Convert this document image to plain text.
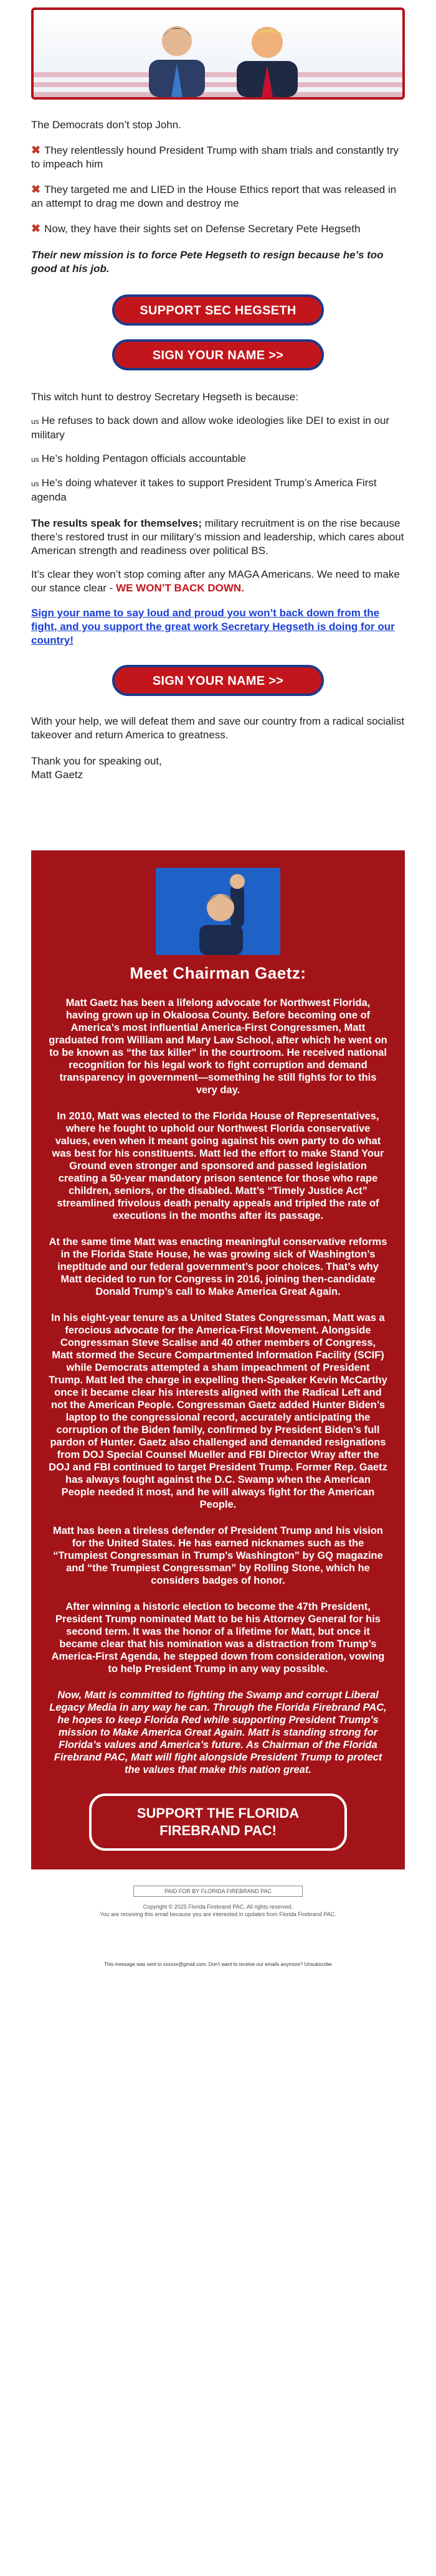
The Democrats don’t stop John.

✖ They relentlessly hound President Trump with sham trials and constantly try to impeach him
✖ They targeted me and LIED in the House Ethics report that was released in an attempt to drag me down and destroy me
✖ Now, they have their sights set on Defense Secretary Pete Hegseth

Their new mission is to force Pete Hegseth to resign because he’s too good at his job.

SUPPORT SEC HEGSETH
SIGN YOUR NAME >>

This witch hunt to destroy Secretary Hegseth is because:

us He refuses to back down and allow woke ideologies like DEI to exist in our military

us He’s holding Pentagon officials accountable

us He’s doing whatever it takes to support President Trump’s America First agenda

The results speak for themselves; military recruitment is on the rise because there’s restored trust in our military’s mission and leadership, which cares about American strength and readiness over political BS.

It’s clear they won’t stop coming after any MAGA Americans. We need to make our stance clear - WE WON’T BACK DOWN.

Sign your name to say loud and proud you won’t back down from the fight, and you support the great work Secretary Hegseth is doing for our country!

SIGN YOUR NAME >>

With your help, we will defeat them and save our country from a radical socialist takeover and return America to greatness.

Thank you for speaking out,
Matt Gaetz

Meet Chairman Gaetz:

Matt Gaetz has been a lifelong advocate for Northwest Florida, having grown up in Okaloosa County. Before becoming one of America’s most influential America-First Congressmen, Matt graduated from William and Mary Law School, after which he went on to be known as “the tax killer” in the courtroom. He received national recognition for his legal work to fight corruption and demand transparency in government—something he still fights for to this very day.

In 2010, Matt was elected to the Florida House of Representatives, where he fought to uphold our Northwest Florida conservative values, even when it meant going against his own party to do what was best for his constituents. Matt led the effort to make Stand Your Ground even stronger and sponsored and passed legislation creating a 50-year mandatory prison sentence for those who rape children, seniors, or the disabled. Matt’s “Timely Justice Act” streamlined frivolous death penalty appeals and tripled the rate of executions in the months after its passage.

At the same time Matt was enacting meaningful conservative reforms in the Florida State House, he was growing sick of Washington’s ineptitude and our federal government’s poor choices. That’s why Matt decided to run for Congress in 2016, joining then-candidate Donald Trump’s call to Make America Great Again.

In his eight-year tenure as a United States Congressman, Matt was a ferocious advocate for the America-First Movement. Alongside Congressman Steve Scalise and 40 other members of Congress, Matt stormed the Secure Compartmented Information Facility (SCIF) while Democrats attempted a sham impeachment of President Trump. Matt led the charge in expelling then-Speaker Kevin McCarthy once it became clear his interests aligned with the Radical Left and not the American People. Congressman Gaetz added Hunter Biden’s laptop to the congressional record, accurately anticipating the corruption of the Biden family, confirmed by President Biden’s full pardon of Hunter. Gaetz also challenged and demanded resignations from DOJ Special Counsel Mueller and FBI Director Wray after the DOJ and FBI continued to target President Trump. Former Rep. Gaetz has always fought against the D.C. Swamp when the American People needed it most, and he will always fight for the American People.

Matt has been a tireless defender of President Trump and his vision for the United States. He has earned nicknames such as the “Trumpiest Congressman in Trump’s Washington” by GQ magazine and “the Trumpiest Congressman” by Rolling Stone, which he considers badges of honor.

After winning a historic election to become the 47th President, President Trump nominated Matt to be his Attorney General for his second term. It was the honor of a lifetime for Matt, but once it became clear that his nomination was a distraction from Trump’s America-First Agenda, he stepped down from consideration, vowing to help President Trump in any way possible.

Now, Matt is committed to fighting the Swamp and corrupt Liberal Legacy Media in any way he can. Through the Florida Firebrand PAC, he hopes to keep Florida Red while supporting President Trump’s mission to Make America Great Again. Matt is standing strong for Florida’s values and America’s future. As Chairman of the Florida Firebrand PAC, Matt will fight alongside President Trump to protect the values that make this nation great.

SUPPORT THE FLORIDA FIREBRAND PAC!
PAID FOR BY FLORIDA FIREBRAND PAC
Copyright © 2025 Florida Firebrand PAC, All rights reserved.
You are receiving this email because you are interested in updates from Florida Firebrand PAC.
This message was sent to xxxxxx@gmail.com. Don't want to receive our emails anymore? Unsubscribe
